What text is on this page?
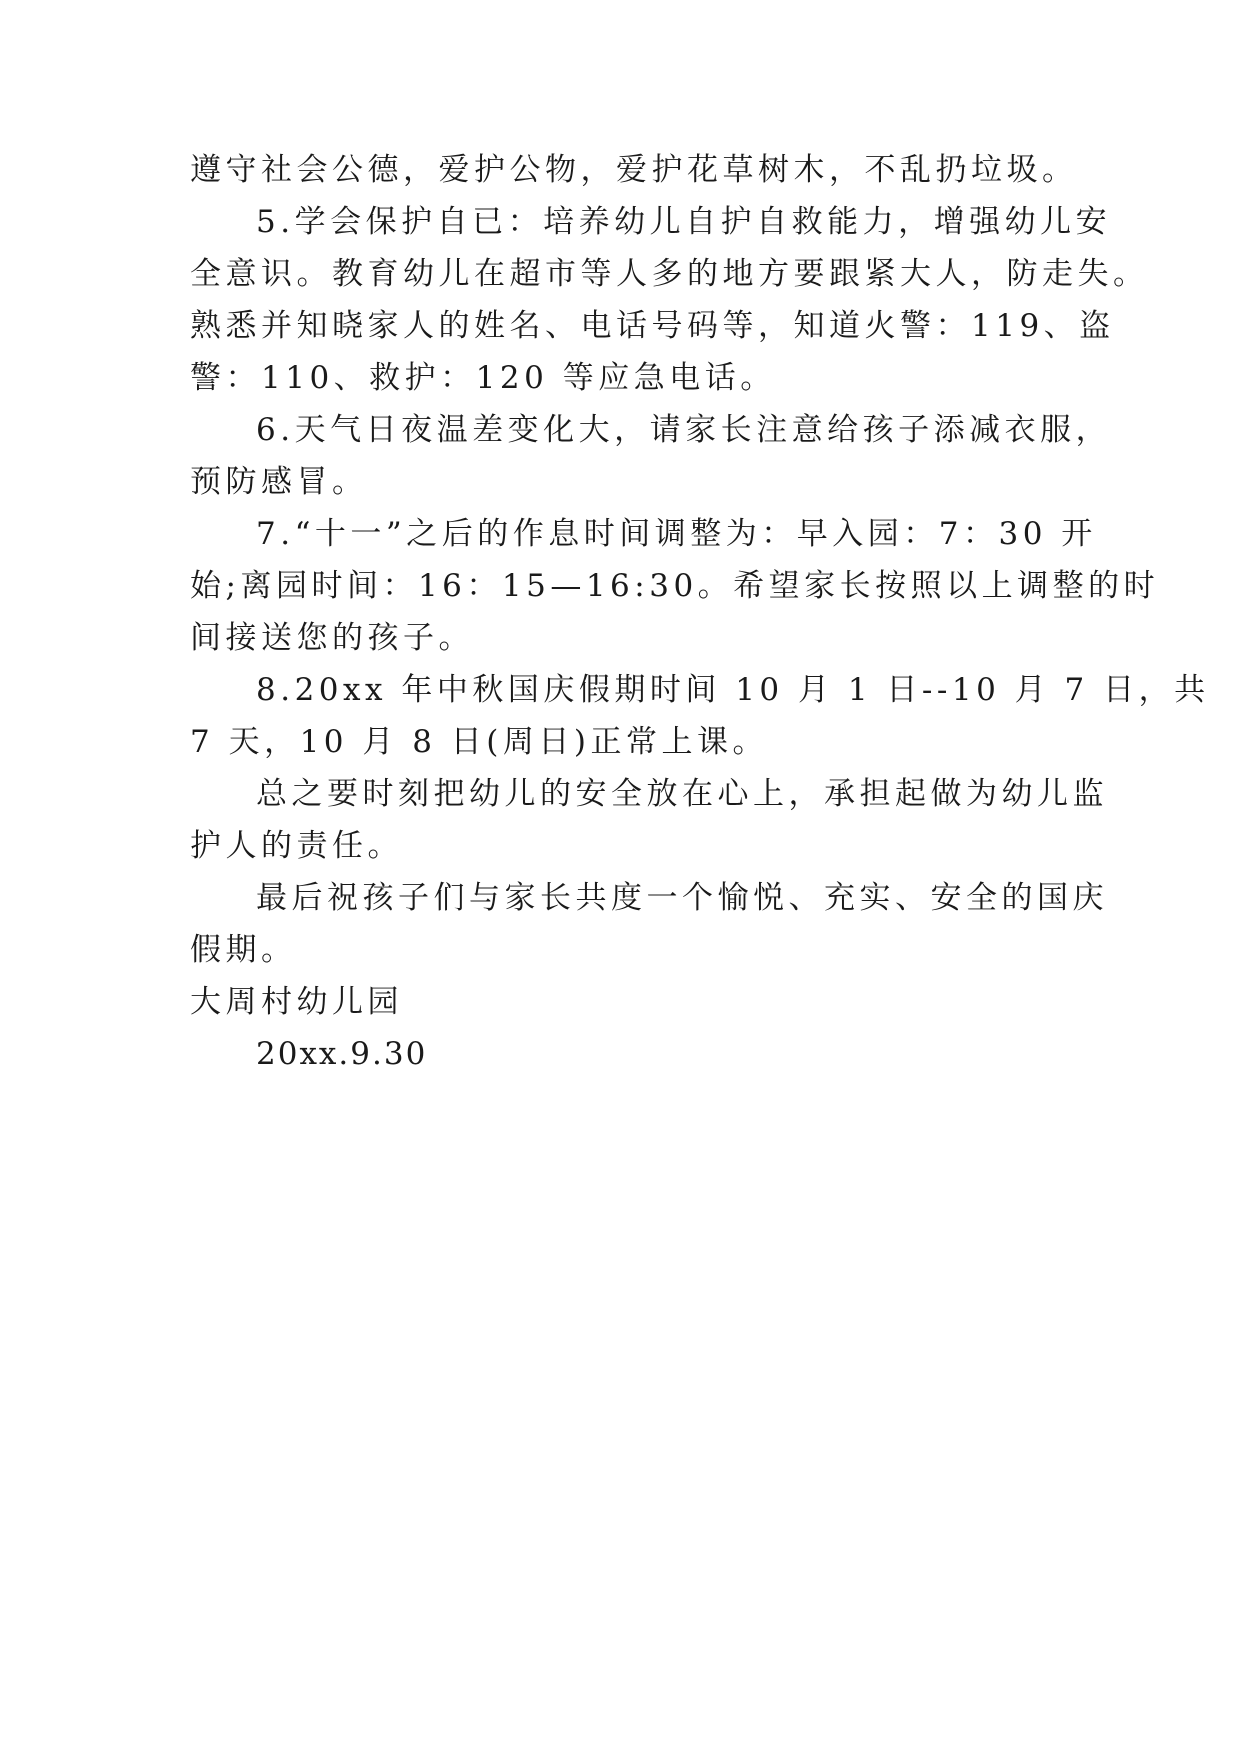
遵守社会公德，爱护公物，爱护花草树木，不乱扔垃圾。
5.学会保护自已：培养幼儿自护自救能力，增强幼儿安
全意识。教育幼儿在超市等人多的地方要跟紧大人，防走失。
熟悉并知晓家人的姓名、电话号码等，知道火警：119、盗
警：110、救护：120 等应急电话。
6.天气日夜温差变化大，请家长注意给孩子添减衣服，
预防感冒。
7.“十一”之后的作息时间调整为：早入园：7：30 开
始;离园时间：16：15—16:30。希望家长按照以上调整的时
间接送您的孩子。
8.20xx 年中秋国庆假期时间 10 月 1 日--10 月 7 日，共
7 天，10 月 8 日(周日)正常上课。
总之要时刻把幼儿的安全放在心上，承担起做为幼儿监
护人的责任。
最后祝孩子们与家长共度一个愉悦、充实、安全的国庆
假期。
大周村幼儿园
20xx.9.30
